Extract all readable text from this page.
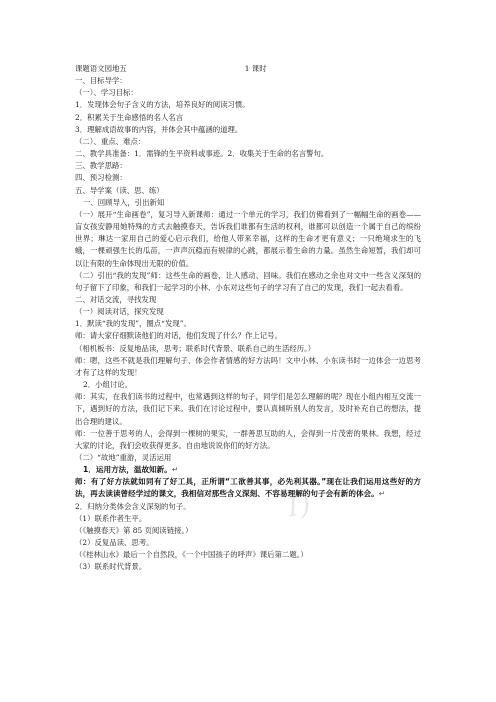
I)
课题语文园地五	1 课时
一、目标导学：
（一）、学习目标：
1．发现体会句子含义的方法，培养良好的阅读习惯。
2．积累关于生命感悟的名人名言
3．理解成语故事的内容，并体会其中蕴涵的道理。
（二）、重点、难点：
二、教学具准备：1．需锋的生平资料或事迹。2．收集关于生命的名言警句。
三、教学思路：
四、预习检测：
五、导学案（读、思、练）
一、回顾导入，引出新知
（一）展开“生命画卷”，复习导入新课师：通过一个单元的学习，我们仿佛看到了一幅幅生命的画卷——盲女孩安静用她特殊的方式去触摸春天，告诉我们谁都有生活的权利，谁都可以创造一个属于自己的缤纷世界；琳达一家用自己的爱心启示我们，给他人带来幸福，这样的生命才更有意义；一只绝境求生的飞蛾，一棵顽强生长的瓜苗，一声声沉稳而有规律的心跳，都展示着生命的力量。虽然生命短暂，我们却可以让有限的生命体现出无限的价值。
（二）引出“我的发现”师：这些生命的画卷，让人感动、回味。我们在感动之余也对文中一些含义深刻的句子留下了印象，和我们一起学习的小林、小东对这些句子的学习有了自己的发现，我们一起去看看。
二、对话交流，寻找发现
（一）阅读对话，探究发现
1．默读“我的发现”，圈点“发现”。
师：请大家仔细默读他们的对话，他们发现了什么？作上记号。
（相机板书：反复地品读，思考；联系时代背景、联系自己的生活经历。）
师：嗯，这些不就是我们理解句子、体会作者情感的好方法吗！文中小林、小东读书时一边体会一边思考才有了这样的发现！
2．小组讨论。
师：其实，在我们读书的过程中，也常遇到这样的句子，同学们是怎么理解的呢？现在小组内相互交流一下，遇到好的方法，我们记下来。我们在讨论过程中，要认真倾听别人的发言，及时补充自己的想法，提出合理的建议。
师：一位善于思考的人，会得到一棵树的果实，一群善思互助的人，会得到一片茂密的果林。我想，经过大家的讨论，我们会收获得更多。自由地说说你们的好方法。
（二）“故地”重游，灵活运用
1．运用方法，温故知新。↵
师：有了好方法就如同有了好工具，正所谓“工欲善其事，必先利其器。”现在让我们运用这些好的方法，再去读读曾经学过的课文，我相信对那些含义深刻、不容易理解的句子会有新的体会。↵
2．归纳分类体会含义深刻的句子。
（1）联系作者生平。
（《触摸春天》第 85 页阅读链接。）
（2）反复品读、思考。
（《桂林山水》最后一个自然段，《一个中国孩子的呼声》课后第二题。）
（3）联系时代背景。
